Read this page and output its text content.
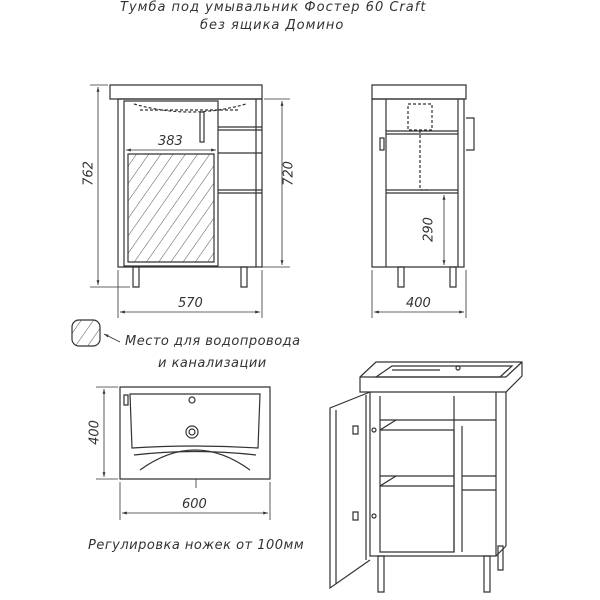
Тумба под умывальник Фостер 60 Craft
без ящика Домино
762	720
383
570
290
400
Место для водопровода
и канализации
400
600
Регулировка ножек от 100мм
